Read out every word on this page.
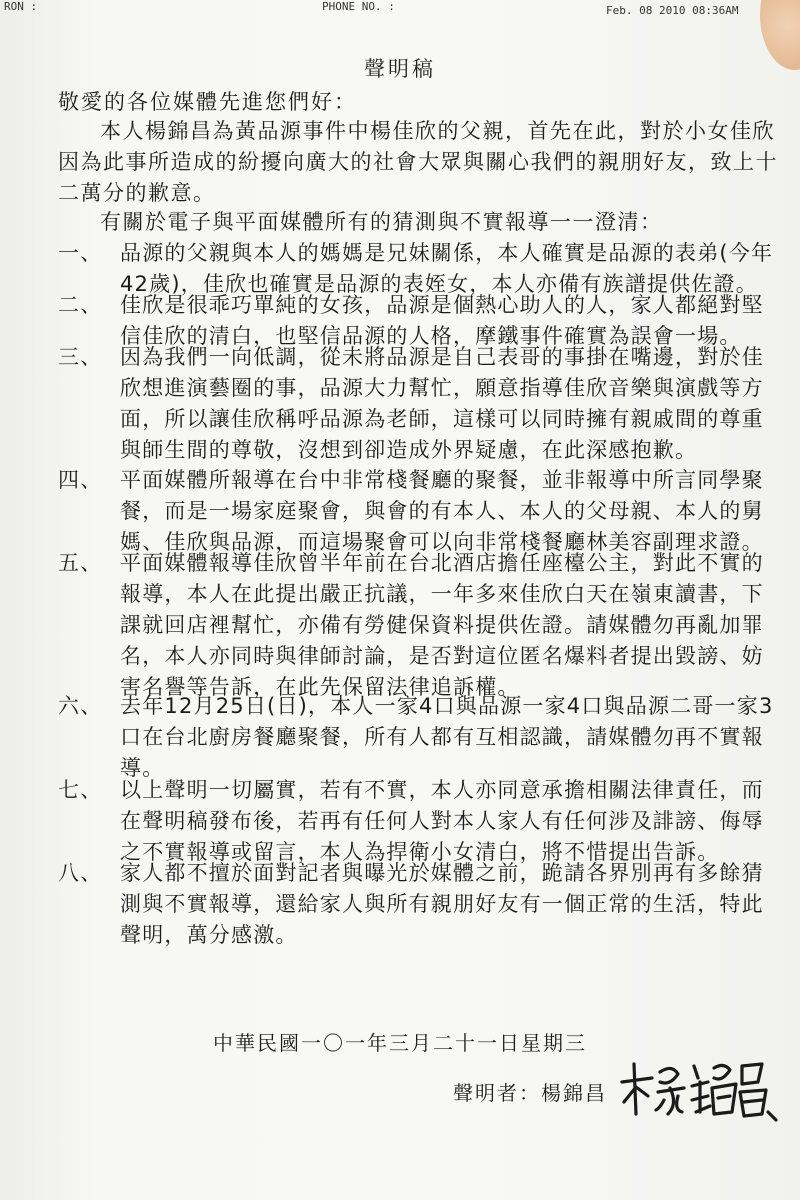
RON :	PHONE NO. :	Feb. 08 2010 08:36AM
聲明稿
敬愛的各位媒體先進您們好：

本人楊錦昌為黃品源事件中楊佳欣的父親，首先在此，對於小女佳欣因為此事所造成的紛擾向廣大的社會大眾與關心我們的親朋好友，致上十二萬分的歉意。

有關於電子與平面媒體所有的猜測與不實報導一一澄清：

一、 品源的父親與本人的媽媽是兄妹關係，本人確實是品源的表弟(今年42歲)，佳欣也確實是品源的表姪女，本人亦備有族譜提供佐證。
二、 佳欣是很乖巧單純的女孩，品源是個熱心助人的人，家人都絕對堅信佳欣的清白，也堅信品源的人格，摩鐵事件確實為誤會一場。
三、 因為我們一向低調，從未將品源是自己表哥的事掛在嘴邊，對於佳欣想進演藝圈的事，品源大力幫忙，願意指導佳欣音樂與演戲等方面，所以讓佳欣稱呼品源為老師，這樣可以同時擁有親戚間的尊重與師生間的尊敬，沒想到卻造成外界疑慮，在此深感抱歉。
四、 平面媒體所報導在台中非常棧餐廳的聚餐，並非報導中所言同學聚餐，而是一場家庭聚會，與會的有本人、本人的父母親、本人的舅媽、佳欣與品源，而這場聚會可以向非常棧餐廳林美容副理求證。
五、 平面媒體報導佳欣曾半年前在台北酒店擔任座檯公主，對此不實的報導，本人在此提出嚴正抗議，一年多來佳欣白天在嶺東讀書，下課就回店裡幫忙，亦備有勞健保資料提供佐證。請媒體勿再亂加罪名，本人亦同時與律師討論，是否對這位匿名爆料者提出毀謗、妨害名譽等告訴，在此先保留法律追訴權。
六、 去年12月25日(日)，本人一家4口與品源一家4口與品源二哥一家3口在台北廚房餐廳聚餐，所有人都有互相認識，請媒體勿再不實報導。
七、 以上聲明一切屬實，若有不實，本人亦同意承擔相關法律責任，而在聲明稿發布後，若再有任何人對本人家人有任何涉及誹謗、侮辱之不實報導或留言，本人為捍衛小女清白，將不惜提出告訴。
八、 家人都不擅於面對記者與曝光於媒體之前，跪請各界別再有多餘猜測與不實報導，還給家人與所有親朋好友有一個正常的生活，特此聲明，萬分感激。
中華民國一〇一年三月二十一日星期三
聲明者：楊錦昌
